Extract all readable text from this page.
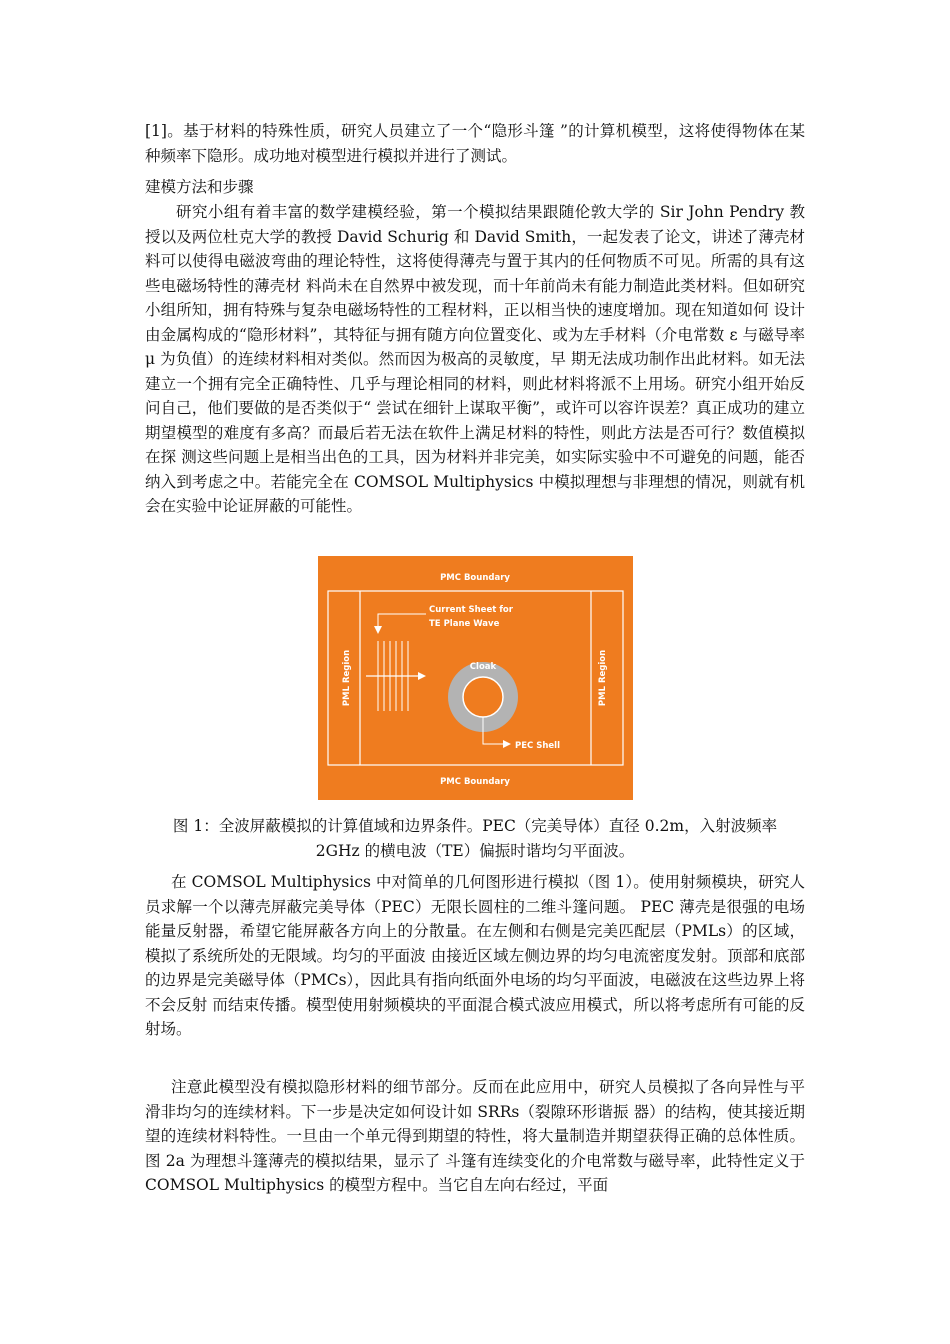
[1]。基于材料的特殊性质，研究人员建立了一个“隐形斗篷 ”的计算机模型，这将使得物体在某种频率下隐形。成功地对模型进行模拟并进行了测试。
建模方法和步骤
研究小组有着丰富的数学建模经验，第一个模拟结果跟随伦敦大学的 Sir John Pendry 教授以及两位杜克大学的教授 David Schurig 和 David Smith，一起发表了论文，讲述了薄壳材料可以使得电磁波弯曲的理论特性，这将使得薄壳与置于其内的任何物质不可见。所需的具有这些电磁场特性的薄壳材 料尚未在自然界中被发现，而十年前尚未有能力制造此类材料。但如研究小组所知，拥有特殊与复杂电磁场特性的工程材料，正以相当快的速度增加。现在知道如何 设计由金属构成的“隐形材料”，其特征与拥有随方向位置变化、或为左手材料（介电常数 ε 与磁导率 μ 为负值）的连续材料相对类似。然而因为极高的灵敏度，早 期无法成功制作出此材料。如无法建立一个拥有完全正确特性、几乎与理论相同的材料，则此材料将派不上用场。研究小组开始反问自己，他们要做的是否类似于“ 尝试在细针上谋取平衡”，或许可以容许误差？真正成功的建立期望模型的难度有多高？而最后若无法在软件上满足材料的特性，则此方法是否可行？数值模拟在探 测这些问题上是相当出色的工具，因为材料并非完美，如实际实验中不可避免的问题，能否纳入到考虑之中。若能完全在 COMSOL Multiphysics 中模拟理想与非理想的情况，则就有机会在实验中论证屏蔽的可能性。
PMC Boundary
PMC Boundary
PML Region	PML Region
Current Sheet for
TE Plane Wave
Cloak
PEC Shell
图 1：全波屏蔽模拟的计算值域和边界条件。PEC（完美导体）直径 0.2m，入射波频率 2GHz 的横电波（TE）偏振时谐均匀平面波。
在 COMSOL Multiphysics 中对简单的几何图形进行模拟（图 1）。使用射频模块，研究人员求解一个以薄壳屏蔽完美导体（PEC）无限长圆柱的二维斗篷问题。 PEC 薄壳是很强的电场能量反射器，希望它能屏蔽各方向上的分散量。在左侧和右侧是完美匹配层（PMLs）的区域，模拟了系统所处的无限域。均匀的平面波 由接近区域左侧边界的均匀电流密度发射。顶部和底部的边界是完美磁导体（PMCs），因此具有指向纸面外电场的均匀平面波，电磁波在这些边界上将不会反射 而结束传播。模型使用射频模块的平面混合模式波应用模式，所以将考虑所有可能的反射场。
注意此模型没有模拟隐形材料的细节部分。反而在此应用中，研究人员模拟了各向异性与平滑非均匀的连续材料。下一步是决定如何设计如 SRRs（裂隙环形谐振 器）的结构，使其接近期望的连续材料特性。一旦由一个单元得到期望的特性，将大量制造并期望获得正确的总体性质。图 2a 为理想斗篷薄壳的模拟结果，显示了 斗篷有连续变化的介电常数与磁导率，此特性定义于 COMSOL Multiphysics 的模型方程中。当它自左向右经过，平面
